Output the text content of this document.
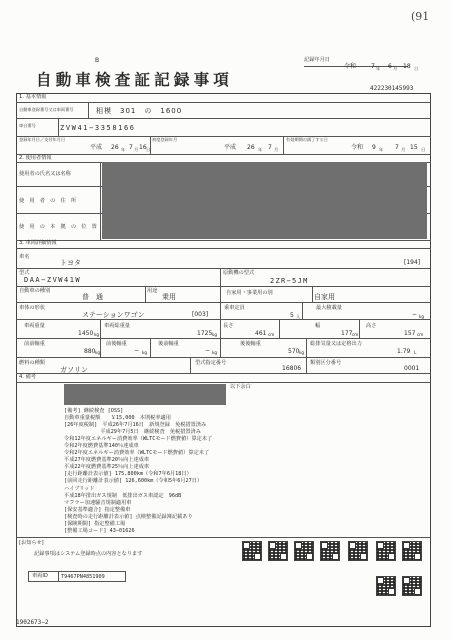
(91
B
自動車検査証記録事項
記録年月日
令和 7 年 6 月 18 日
422230145993
1. 基本情報
自動車登録番号又は車両番号	相模　301　の　1600
車台番号	ZVW41−3358166
登録年月日／交付年月日
平成 26 年 7 月 16 日
初度登録年月
平成 26 年 7 月
有効期間の満了する日
令和 9 年 7 月 15 日
2. 使用者情報
使用者の氏名又は名称
使　用　者　の　住　所
使　用　の　本　拠　の　位　置
3. 車両詳細情報
車名
トヨタ	[194]
型式
DAA−ZVW41W
原動機の型式
2ZR−5JM
自動車の種別
普　通
用途
乗用	自家用・事業用の別	自家用
車体の形状
ステーションワゴン	[003]
乗車定員
5 人
最大積載量
− kg
車両重量
1450 kg
車両総重量
1725 kg
長さ
461 cm
幅
177 cm
高さ
157 cm
前前軸重
880 kg
前後軸重
− kg
後前軸重
− kg
後後軸重
570 kg
総排気量又は定格出力
1.79 L
燃料の種類
ガソリン
型式指定番号
16806
類別区分番号
0001
4. 備考
以下余白
[備考] 継続検査 [OSS]
自動車重量税額　　￥15,000　本則税率適用
[26年度税制]　平成26年7月16日　新規登録　免税措置済み
　　　　　　　平成29年7月5日　継続検査　免税措置済み
令和12年度エネルギー消費効率（WLTCモード燃費値）算定未了
令和2年度燃費基準140％達成車
令和2年度エネルギー消費効率（WLTCモード燃費値）算定未了
平成27年度燃費基準20％向上達成車
平成22年度燃費基準25％向上達成車
[走行距離計表示値] 175,800km（令和7年6月18日）
[前回走行距離計表示値] 126,600km（令和5年6月27日）
ハイブリッド
平成18年排出ガス規制　低排出ガス車認定　96dB
マフラー加速騒音規制適用車
[保安基準適合] 指定整備車
[検査時の走行距離計表示値] 点検整備記録簿記載あり
[保険期間] 指定整備工場
[整備工場コード] 43−01626
[お知らせ]
記録事項はシステム登録時点の内容となります
車両ID	T9467PN4851909
1902673−2
